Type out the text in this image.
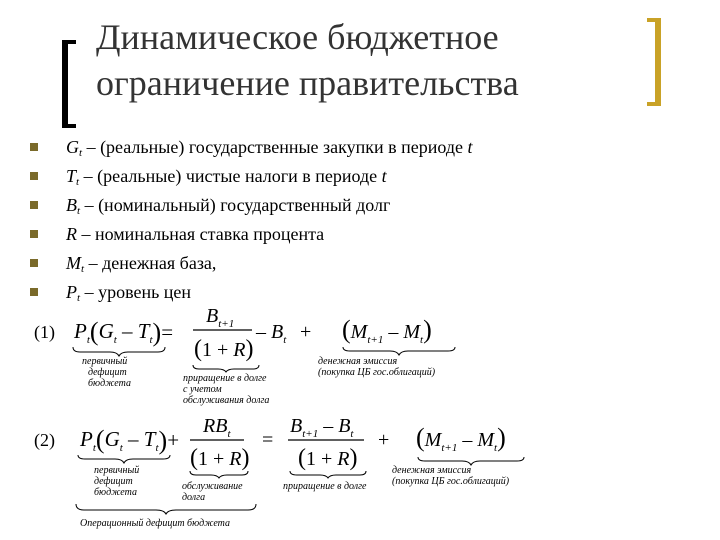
Динамическое бюджетное
ограничение правительства
$G_t$ – (реальные) государственные закупки в периоде t
$T_t$ – (реальные) чистые налоги в периоде t
$B_t$ – (номинальный) государственный долг
R – номинальная ставка процента
$M_t$ – денежная база,
$P_t$ – уровень цен
(1) $P_t(G_t - T_t)=$
$B_{t+1}$
(1 + R)
– $B_t + (Mt+1 - Mt)$
первичный
дефицит
бюджета	приращение в долге
с учетом
обслуживания долга
денежная эмиссия
(покупка ЦБ гос.облигаций)
(2) $P_t(G_t - T_t)+$
$RB_t$
(1 + R)
=
$B_{t+1} - B_t$
(1 + R)
+ (Mt+1 – Mt)
первичный
дефицит
бюджета
обслуживание
долга
приращение в долге
денежная эмиссия
(покупка ЦБ гос.облигаций)
Операционный дефицит бюджета
